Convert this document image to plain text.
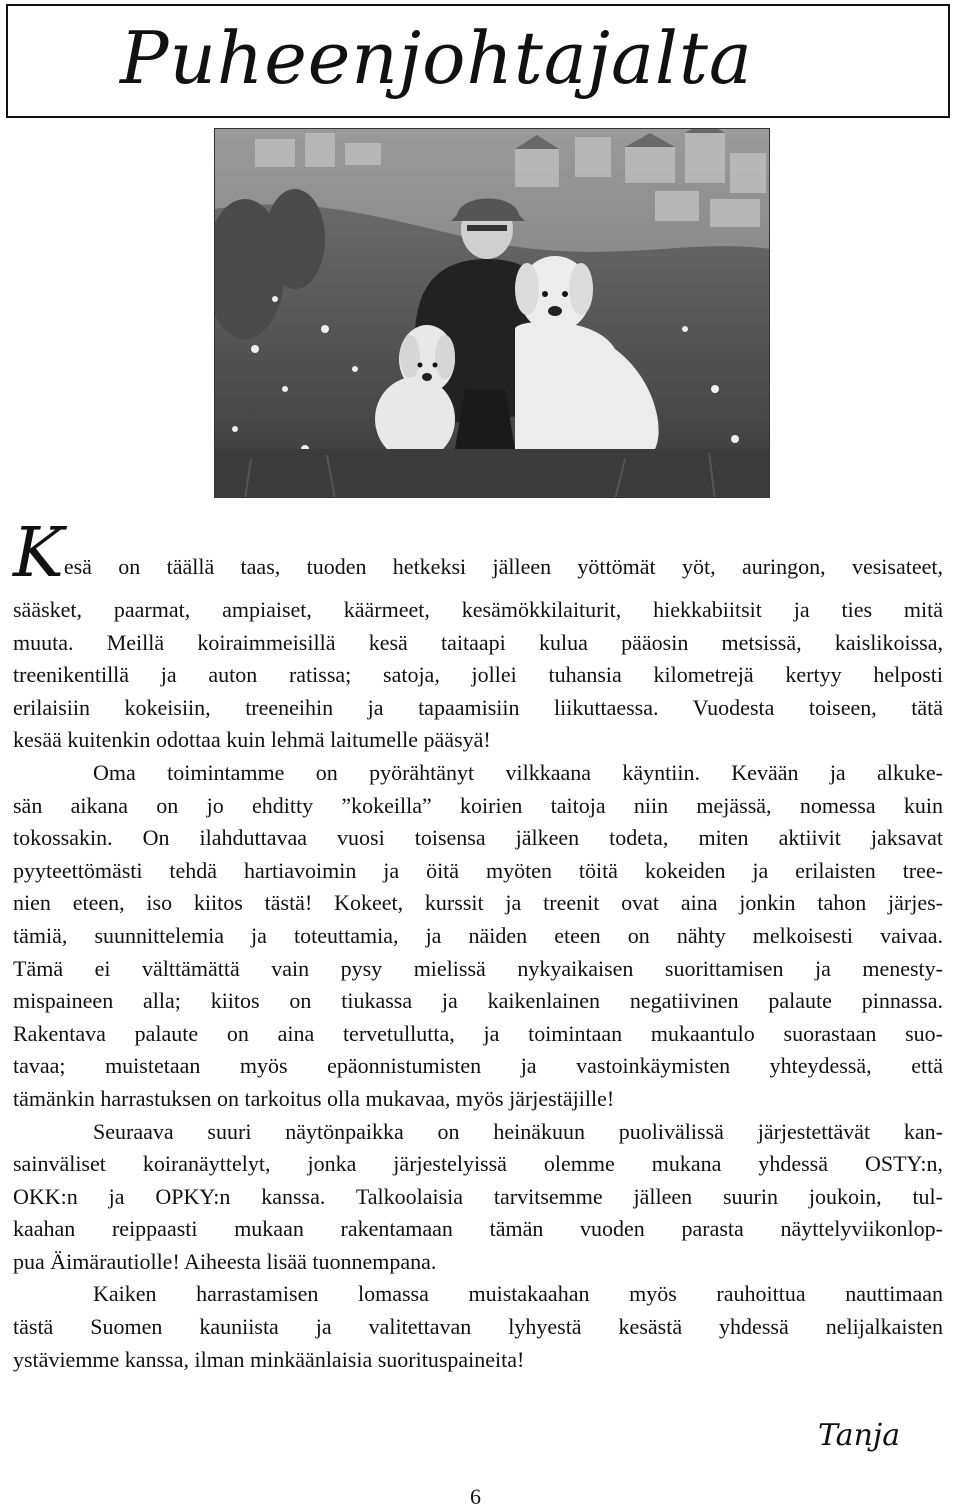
Puheenjohtajalta
Kesä on täällä taas, tuoden hetkeksi jälleen yöttömät yöt, auringon, vesisateet,
sääsket, paarmat, ampiaiset, käärmeet, kesämökkilaiturit, hiekkabiitsit ja ties mitä
muuta. Meillä koiraimmeisillä kesä taitaapi kulua pääosin metsissä, kaislikoissa,
treenikentillä ja auton ratissa; satoja, jollei tuhansia kilometrejä kertyy helposti
erilaisiin kokeisiin, treeneihin ja tapaamisiin liikuttaessa. Vuodesta toiseen, tätä
kesää kuitenkin odottaa kuin lehmä laitumelle pääsyä!
Oma toimintamme on pyörähtänyt vilkkaana käyntiin. Kevään ja alkuke-
sän aikana on jo ehditty ”kokeilla” koirien taitoja niin mejässä, nomessa kuin
tokossakin. On ilahduttavaa vuosi toisensa jälkeen todeta, miten aktiivit jaksavat
pyyteettömästi tehdä hartiavoimin ja öitä myöten töitä kokeiden ja erilaisten tree-
nien eteen, iso kiitos tästä! Kokeet, kurssit ja treenit ovat aina jonkin tahon järjes-
tämiä, suunnittelemia ja toteuttamia, ja näiden eteen on nähty melkoisesti vaivaa.
Tämä ei välttämättä vain pysy mielissä nykyaikaisen suorittamisen ja menesty-
mispaineen alla; kiitos on tiukassa ja kaikenlainen negatiivinen palaute pinnassa.
Rakentava palaute on aina tervetullutta, ja toimintaan mukaantulo suorastaan suo-
tavaa; muistetaan myös epäonnistumisten ja vastoinkäymisten yhteydessä, että
tämänkin harrastuksen on tarkoitus olla mukavaa, myös järjestäjille!
Seuraava suuri näytönpaikka on heinäkuun puolivälissä järjestettävät kan-
sainväliset koiranäyttelyt, jonka järjestelyissä olemme mukana yhdessä OSTY:n,
OKK:n ja OPKY:n kanssa. Talkoolaisia tarvitsemme jälleen suurin joukoin, tul-
kaahan reippaasti mukaan rakentamaan tämän vuoden parasta näyttelyviikonlop-
pua Äimärautiolle! Aiheesta lisää tuonnempana.
Kaiken harrastamisen lomassa muistakaahan myös rauhoittua nauttimaan
tästä Suomen kauniista ja valitettavan lyhyestä kesästä yhdessä nelijalkaisten
ystäviemme kanssa, ilman minkäänlaisia suorituspaineita!
Tanja
6
